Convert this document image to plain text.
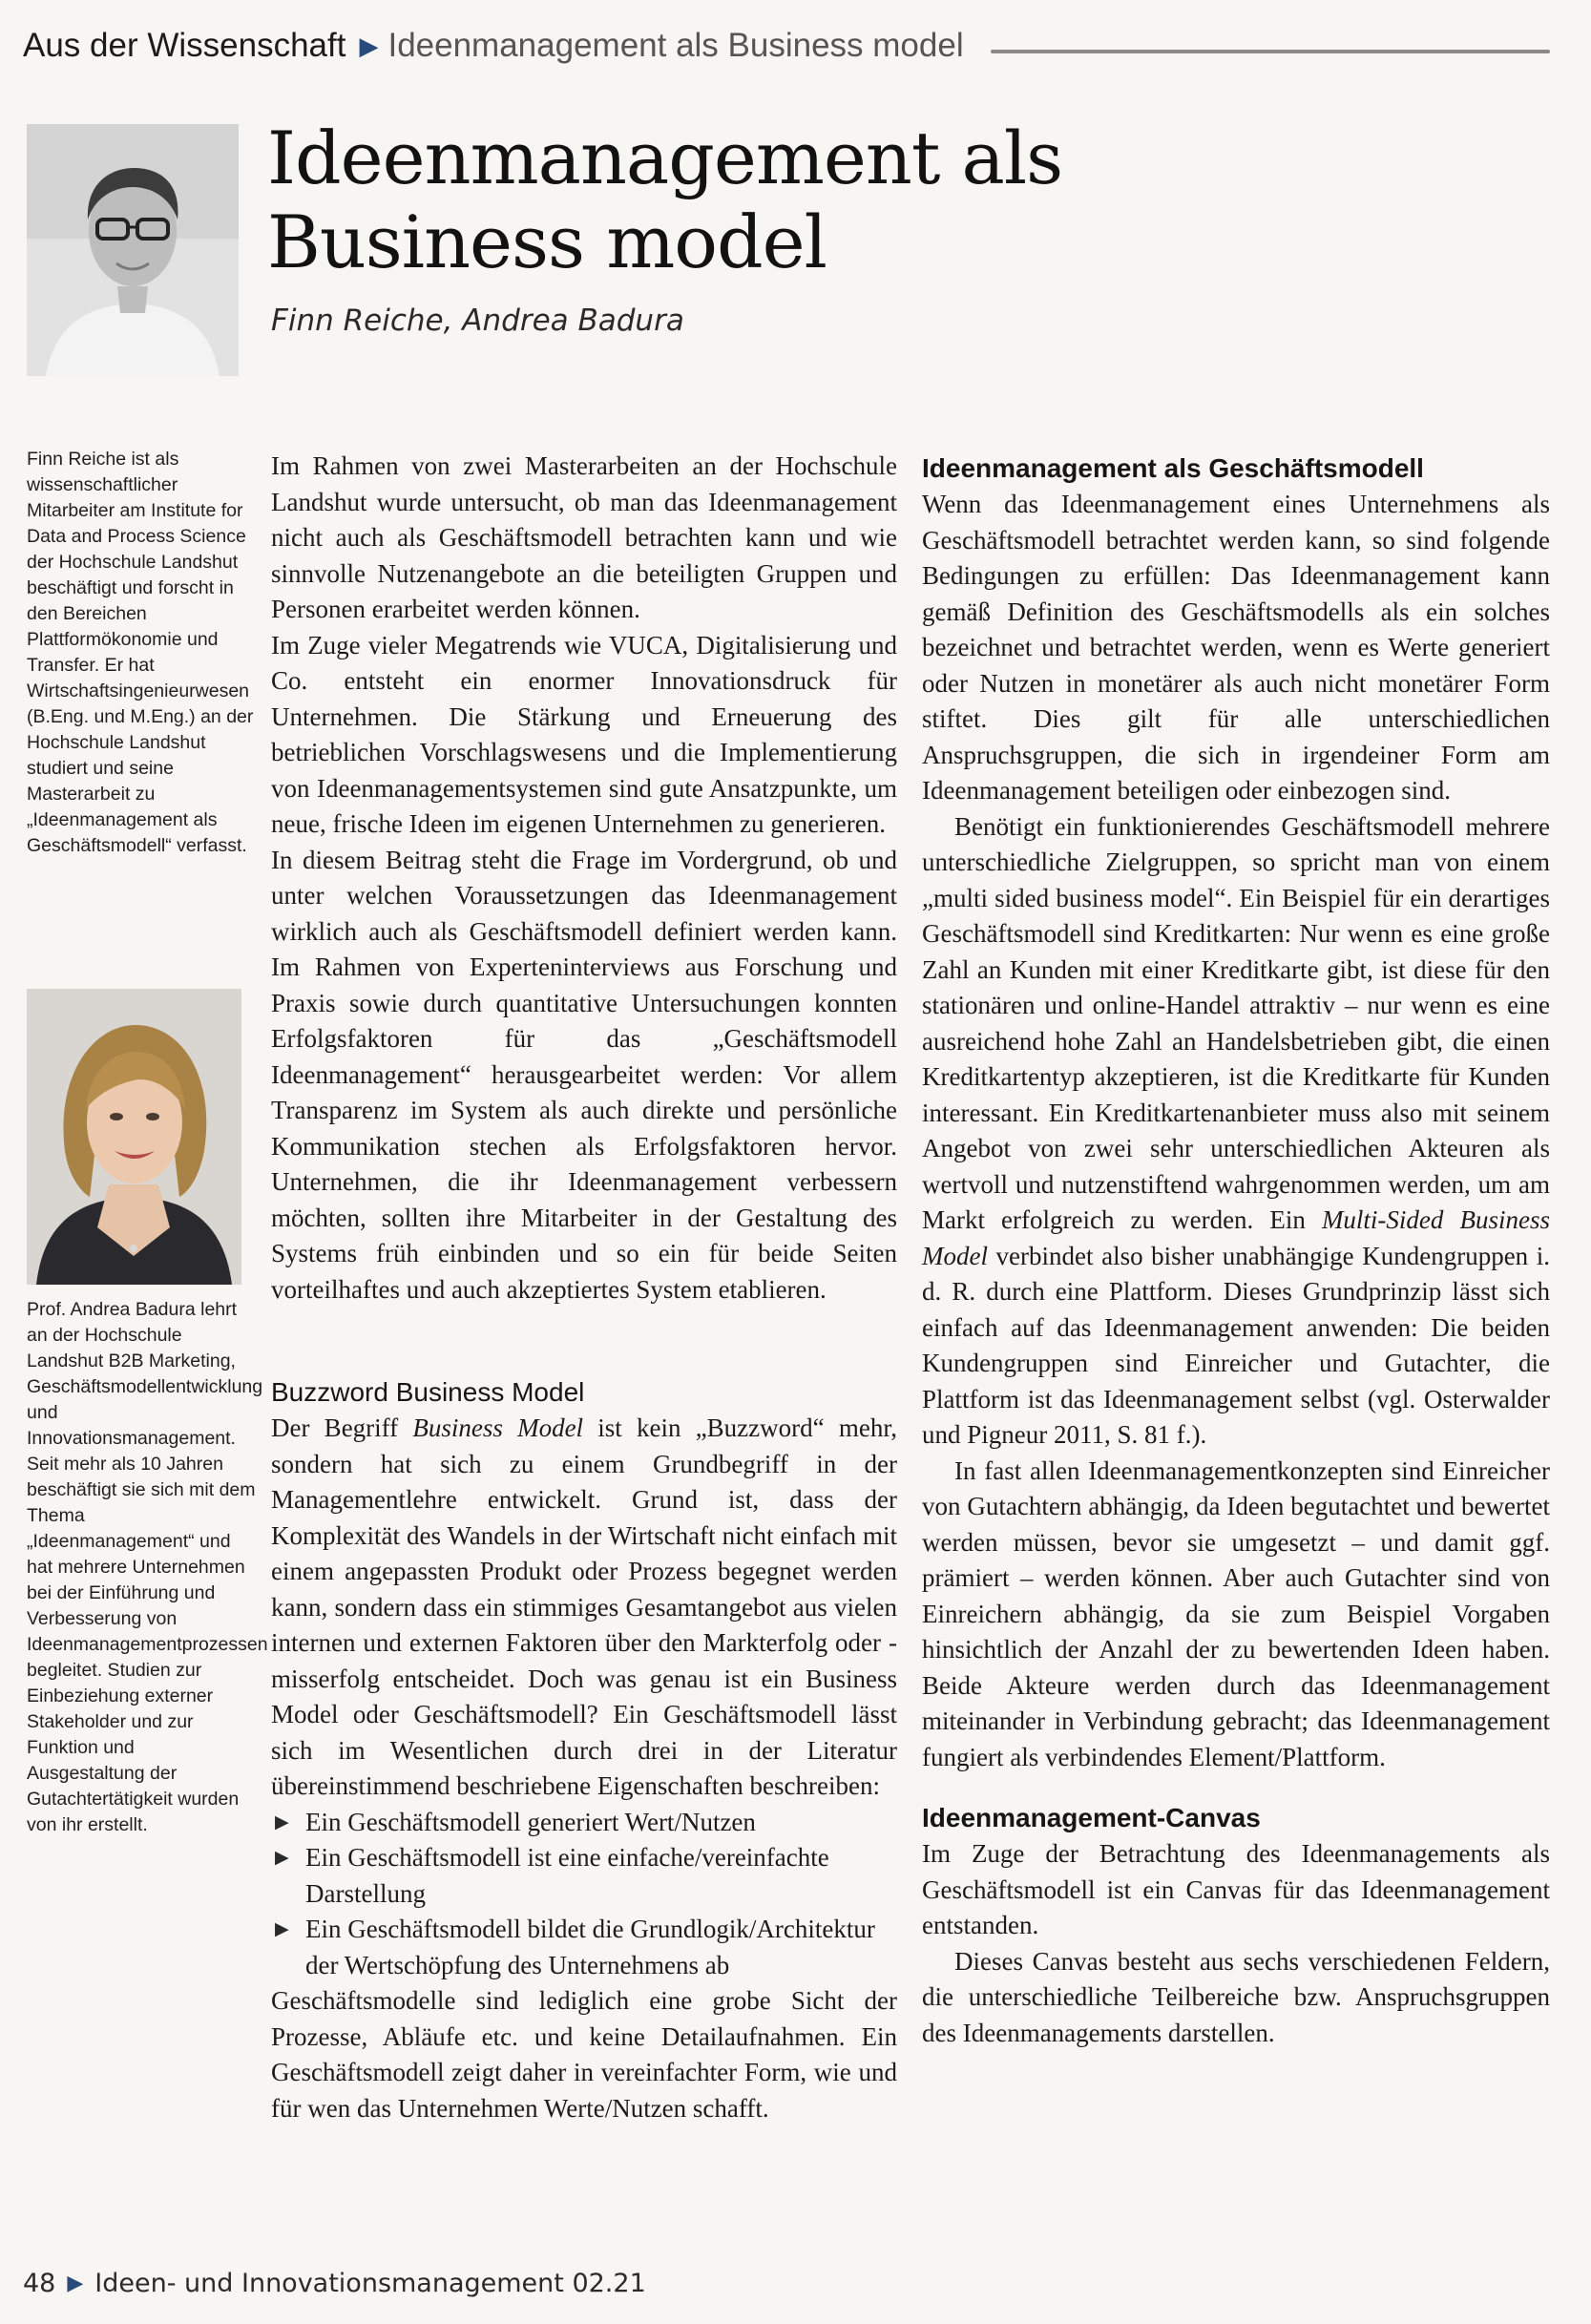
Aus der Wissenschaft ▶ Ideenmanagement als Business model
Ideenmanagement als
Business model
Finn Reiche, Andrea Badura

Finn Reiche ist als wissenschaftlicher Mitarbeiter am Institute for Data and Process Science der Hochschule Landshut beschäftigt und forscht in den Bereichen Plattformökonomie und Transfer. Er hat Wirtschaftsingenieurwesen (B.Eng. und M.Eng.) an der Hochschule Landshut studiert und seine Masterarbeit zu „Ideenmanagement als Geschäftsmodell“ verfasst.

Prof. Andrea Badura lehrt an der Hochschule Landshut B2B Marketing, Geschäftsmodellentwicklung und Innovationsmanagement. Seit mehr als 10 Jahren beschäftigt sie sich mit dem Thema „Ideenmanagement“ und hat mehrere Unternehmen bei der Einführung und Verbesserung von Ideenmanagementprozessen begleitet. Studien zur Einbeziehung externer Stakeholder und zur Funktion und Ausgestaltung der Gutachtertätigkeit wurden von ihr erstellt.

Im Rahmen von zwei Masterarbeiten an der Hochschule Landshut wurde untersucht, ob man das Ideenmanagement nicht auch als Geschäftsmodell betrachten kann und wie sinnvolle Nutzenangebote an die beteiligten Gruppen und Personen erarbeitet werden können.

Im Zuge vieler Megatrends wie VUCA, Digitalisierung und Co. entsteht ein enormer Innovationsdruck für Unternehmen. Die Stärkung und Erneuerung des betrieblichen Vorschlagswesens und die Implementierung von Ideenmanagementsystemen sind gute Ansatzpunkte, um neue, frische Ideen im eigenen Unternehmen zu generieren.

In diesem Beitrag steht die Frage im Vordergrund, ob und unter welchen Voraussetzungen das Ideenmanagement wirklich auch als Geschäftsmodell definiert werden kann. Im Rahmen von Experteninterviews aus Forschung und Praxis sowie durch quantitative Untersuchungen konnten Erfolgsfaktoren für das „Geschäftsmodell Ideenmanagement“ herausgearbeitet werden: Vor allem Transparenz im System als auch direkte und persönliche Kommunikation stechen als Erfolgsfaktoren hervor. Unternehmen, die ihr Ideenmanagement verbessern möchten, sollten ihre Mitarbeiter in der Gestaltung des Systems früh einbinden und so ein für beide Seiten vorteilhaftes und auch akzeptiertes System etablieren.

Buzzword Business Model

Der Begriff Business Model ist kein „Buzzword“ mehr, sondern hat sich zu einem Grundbegriff in der Managementlehre entwickelt. Grund ist, dass der Komplexität des Wandels in der Wirtschaft nicht einfach mit einem angepassten Produkt oder Prozess begegnet werden kann, sondern dass ein stimmiges Gesamtangebot aus vielen internen und externen Faktoren über den Markterfolg oder -misserfolg entscheidet. Doch was genau ist ein Business Model oder Geschäftsmodell? Ein Geschäftsmodell lässt sich im Wesentlichen durch drei in der Literatur übereinstimmend beschriebene Eigenschaften beschreiben:

▶ Ein Geschäftsmodell generiert Wert/Nutzen
▶ Ein Geschäftsmodell ist eine einfache/vereinfachte Darstellung
▶ Ein Geschäftsmodell bildet die Grundlogik/Architektur der Wertschöpfung des Unternehmens ab

Geschäftsmodelle sind lediglich eine grobe Sicht der Prozesse, Abläufe etc. und keine Detailaufnahmen. Ein Geschäftsmodell zeigt daher in vereinfachter Form, wie und für wen das Unternehmen Werte/Nutzen schafft.

Ideenmanagement als Geschäftsmodell

Wenn das Ideenmanagement eines Unternehmens als Geschäftsmodell betrachtet werden kann, so sind folgende Bedingungen zu erfüllen: Das Ideenmanagement kann gemäß Definition des Geschäftsmodells als ein solches bezeichnet und betrachtet werden, wenn es Werte generiert oder Nutzen in monetärer als auch nicht monetärer Form stiftet. Dies gilt für alle unterschiedlichen Anspruchsgruppen, die sich in irgendeiner Form am Ideenmanagement beteiligen oder einbezogen sind.

Benötigt ein funktionierendes Geschäftsmodell mehrere unterschiedliche Zielgruppen, so spricht man von einem „multi sided business model“. Ein Beispiel für ein derartiges Geschäftsmodell sind Kreditkarten: Nur wenn es eine große Zahl an Kunden mit einer Kreditkarte gibt, ist diese für den stationären und online-Handel attraktiv – nur wenn es eine ausreichend hohe Zahl an Handelsbetrieben gibt, die einen Kreditkartentyp akzeptieren, ist die Kreditkarte für Kunden interessant. Ein Kreditkartenanbieter muss also mit seinem Angebot von zwei sehr unterschiedlichen Akteuren als wertvoll und nutzenstiftend wahrgenommen werden, um am Markt erfolgreich zu werden. Ein Multi-Sided Business Model verbindet also bisher unabhängige Kundengruppen i. d. R. durch eine Plattform. Dieses Grundprinzip lässt sich einfach auf das Ideenmanagement anwenden: Die beiden Kundengruppen sind Einreicher und Gutachter, die Plattform ist das Ideenmanagement selbst (vgl. Osterwalder und Pigneur 2011, S. 81 f.).

In fast allen Ideenmanagementkonzepten sind Einreicher von Gutachtern abhängig, da Ideen begutachtet und bewertet werden müssen, bevor sie umgesetzt – und damit ggf. prämiert – werden können. Aber auch Gutachter sind von Einreichern abhängig, da sie zum Beispiel Vorgaben hinsichtlich der Anzahl der zu bewertenden Ideen haben. Beide Akteure werden durch das Ideenmanagement miteinander in Verbindung gebracht; das Ideenmanagement fungiert als verbindendes Element/Plattform.

Ideenmanagement-Canvas

Im Zuge der Betrachtung des Ideenmanagements als Geschäftsmodell ist ein Canvas für das Ideenmanagement entstanden.

Dieses Canvas besteht aus sechs verschiedenen Feldern, die unterschiedliche Teilbereiche bzw. Anspruchsgruppen des Ideenmanagements darstellen.

48 ▶ Ideen- und Innovationsmanagement 02.21
